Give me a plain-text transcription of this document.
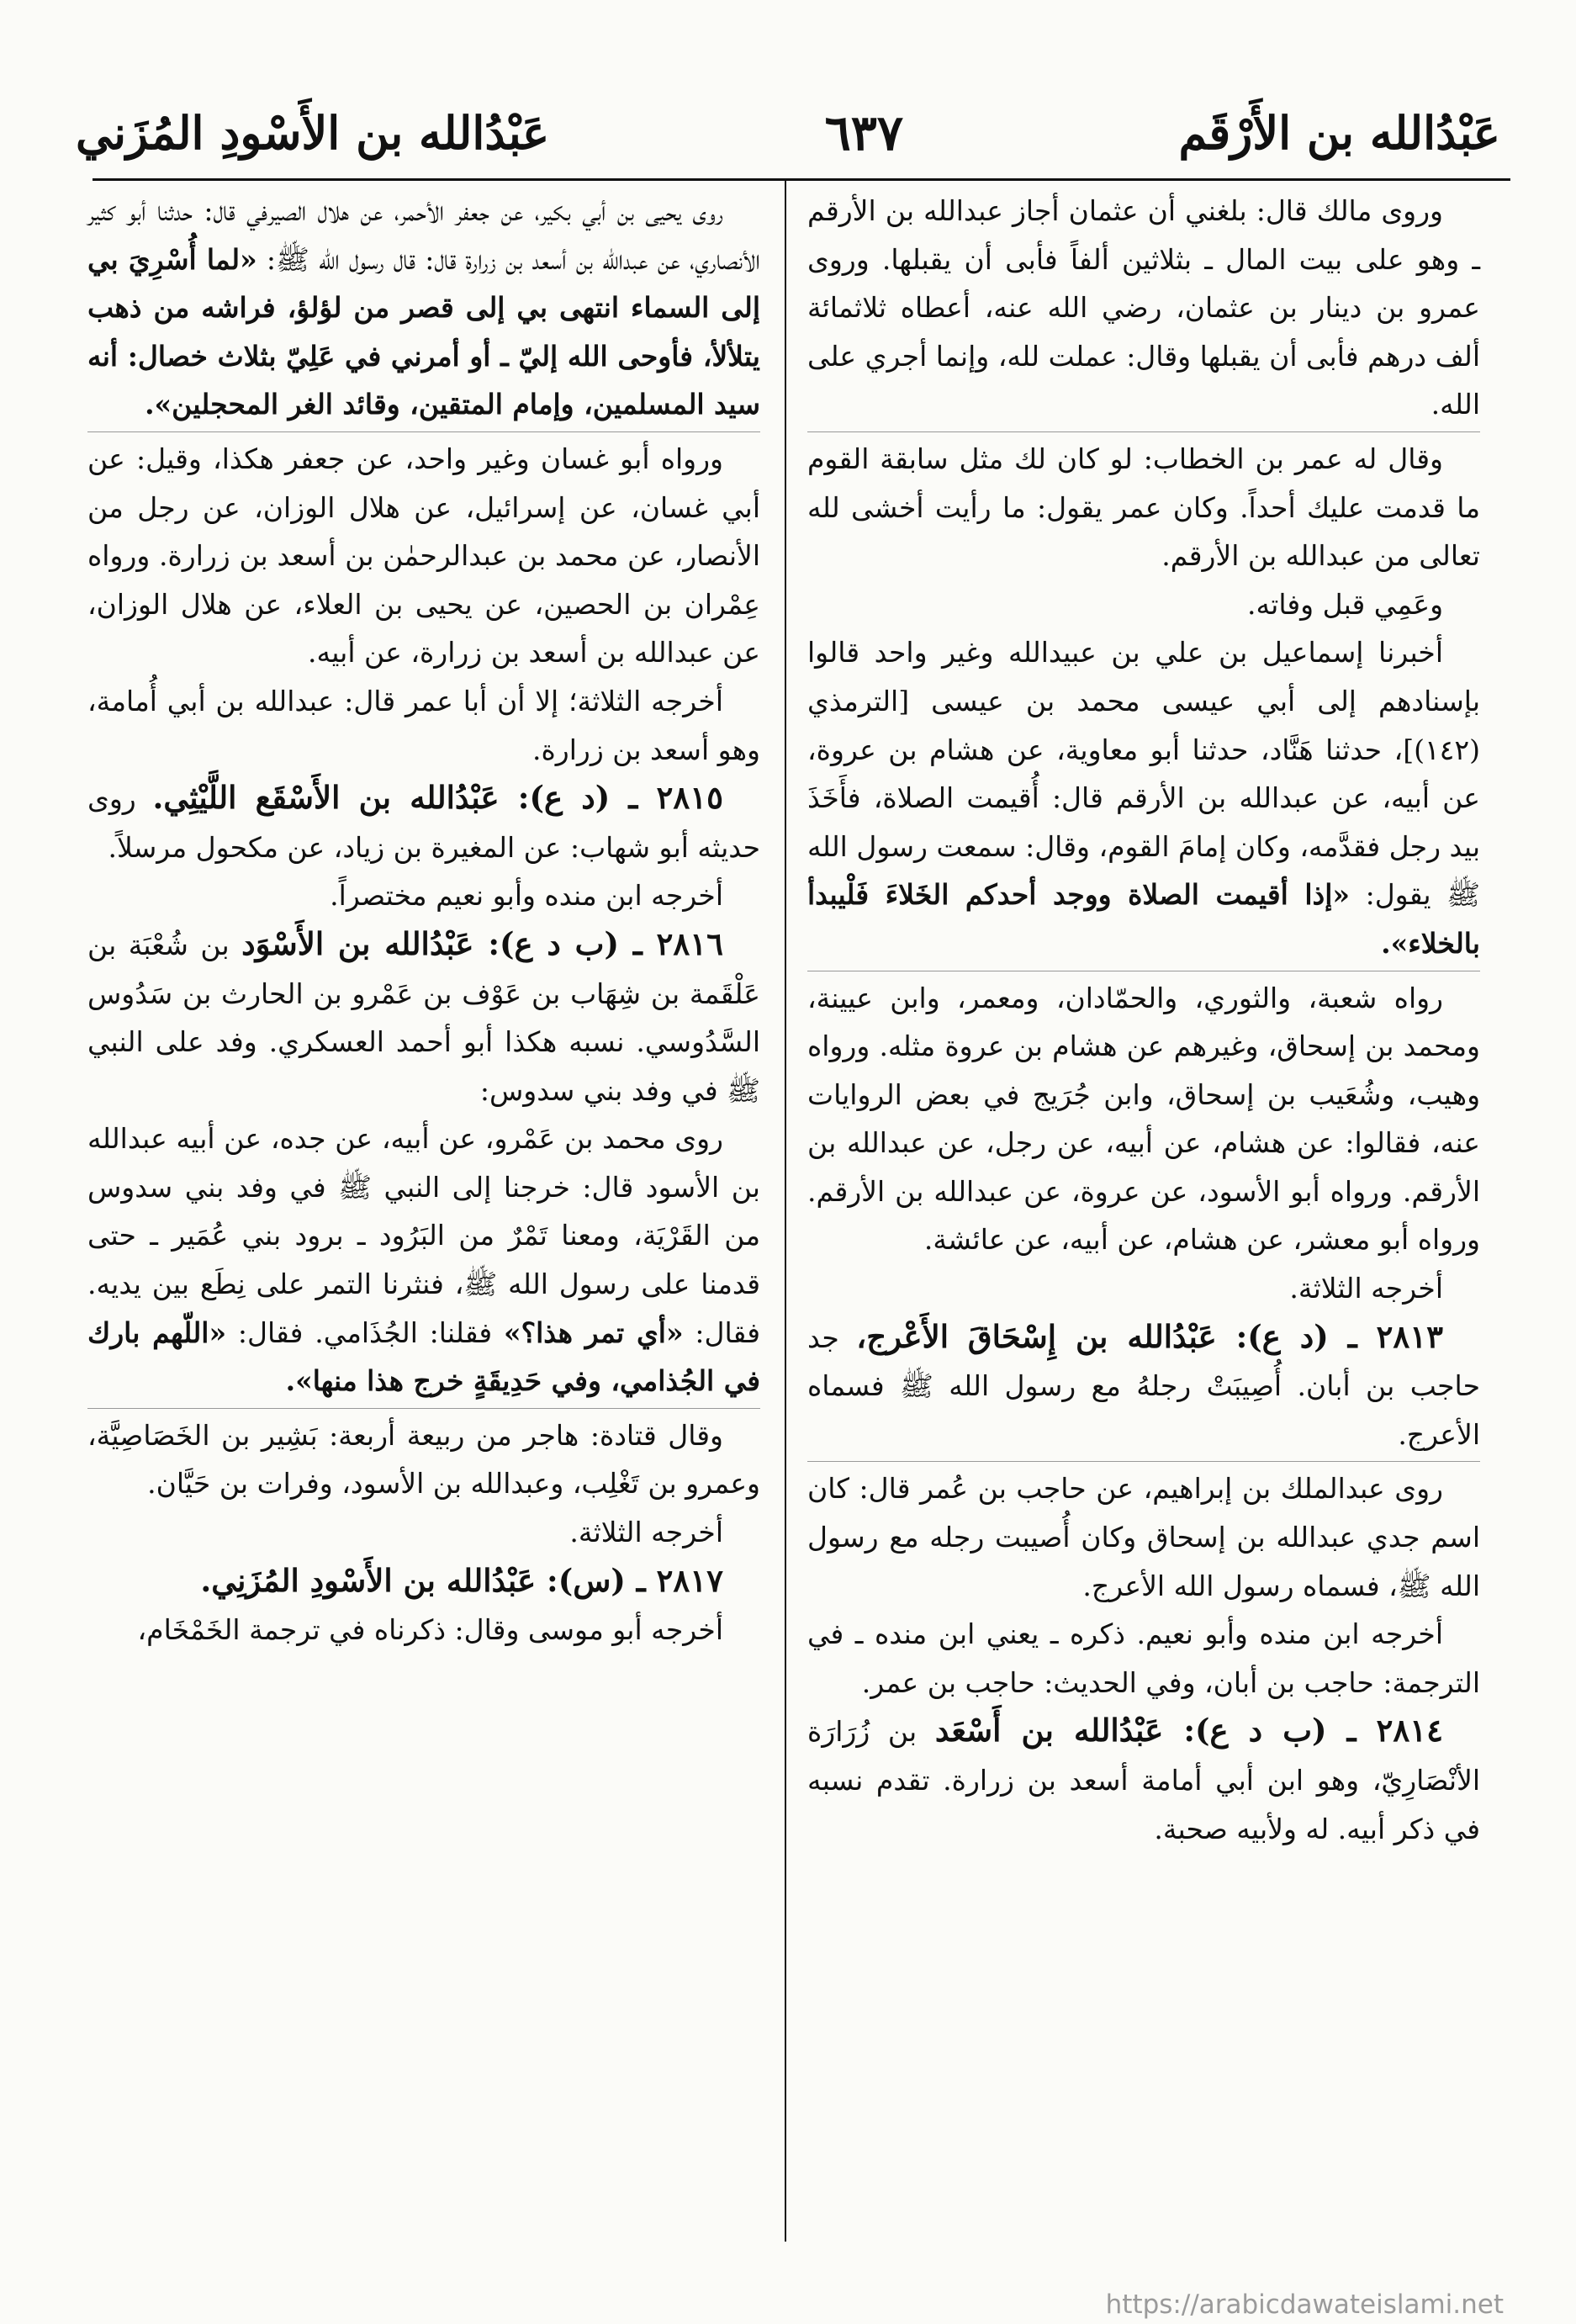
عَبْدُالله بن الأَرْقَم
٦٣٧
عَبْدُالله بن الأَسْودِ المُزَني

وروى مالك قال: بلغني أن عثمان أجاز عبدالله بن الأرقم ـ وهو على بيت المال ـ بثلاثين ألفاً فأبى أن يقبلها. وروى عمرو بن دينار بن عثمان، رضي الله عنه، أعطاه ثلاثمائة ألف درهم فأبى أن يقبلها وقال: عملت لله، وإنما أجري على الله.

وقال له عمر بن الخطاب: لو كان لك مثل سابقة القوم ما قدمت عليك أحداً. وكان عمر يقول: ما رأيت أخشى لله تعالى من عبدالله بن الأرقم.

وعَمِي قبل وفاته.

أخبرنا إسماعيل بن علي بن عبيدالله وغير واحد قالوا بإسنادهم إلى أبي عيسى محمد بن عيسى [الترمذي (١٤٢)]، حدثنا هَنَّاد، حدثنا أبو معاوية، عن هشام بن عروة، عن أبيه، عن عبدالله بن الأرقم قال: أُقيمت الصلاة، فأَخَذَ بيد رجل فقدَّمه، وكان إمامَ القوم، وقال: سمعت رسول الله ﷺ يقول: «إذا أقيمت الصلاة ووجد أحدكم الخَلاءَ فَلْيبدأ بالخلاء».

رواه شعبة، والثوري، والحمّادان، ومعمر، وابن عيينة، ومحمد بن إسحاق، وغيرهم عن هشام بن عروة مثله. ورواه وهيب، وشُعَيب بن إسحاق، وابن جُرَيج في بعض الروايات عنه، فقالوا: عن هشام، عن أبيه، عن رجل، عن عبدالله بن الأرقم. ورواه أبو الأسود، عن عروة، عن عبدالله بن الأرقم. ورواه أبو معشر، عن هشام، عن أبيه، عن عائشة.

أخرجه الثلاثة.

٢٨١٣ ـ (د ع): عَبْدُالله بن إِسْحَاقَ الأَعْرج، جد حاجب بن أبان. أُصِيبَتْ رجلهُ مع رسول الله ﷺ فسماه الأعرج.

روى عبدالملك بن إبراهيم، عن حاجب بن عُمر قال: كان اسم جدي عبدالله بن إسحاق وكان أُصيبت رجله مع رسول الله ﷺ، فسماه رسول الله الأعرج.

أخرجه ابن منده وأبو نعيم. ذكره ـ يعني ابن منده ـ في الترجمة: حاجب بن أبان، وفي الحديث: حاجب بن عمر.

٢٨١٤ ـ (ب د ع): عَبْدُالله بن أَسْعَد بن زُرَارَة الأنْصَارِيّ، وهو ابن أبي أمامة أسعد بن زرارة. تقدم نسبه في ذكر أبيه. له ولأبيه صحبة.

روى يحيى بن أبي بكير، عن جعفر الأحمر، عن هلال الصيرفي قال: حدثنا أبو كثير الأنصاري، عن عبدالله بن أسعد بن زرارة قال: قال رسول الله ﷺ: «لما أُسْرِيَ بي إلى السماء انتهى بي إلى قصر من لؤلؤ، فراشه من ذهب يتلألأ، فأوحى الله إليّ ـ أو أمرني في عَلِيّ بثلاث خصال: أنه سيد المسلمين، وإمام المتقين، وقائد الغر المحجلين».

ورواه أبو غسان وغير واحد، عن جعفر هكذا، وقيل: عن أبي غسان، عن إسرائيل، عن هلال الوزان، عن رجل من الأنصار، عن محمد بن عبدالرحمٰن بن أسعد بن زرارة. ورواه عِمْران بن الحصين، عن يحيى بن العلاء، عن هلال الوزان، عن عبدالله بن أسعد بن زرارة، عن أبيه.

أخرجه الثلاثة؛ إلا أن أبا عمر قال: عبدالله بن أبي أُمامة، وهو أسعد بن زرارة.

٢٨١٥ ـ (د ع): عَبْدُالله بن الأَسْقَع اللَّيْثِي. روى حديثه أبو شهاب: عن المغيرة بن زياد، عن مكحول مرسلاً.

أخرجه ابن منده وأبو نعيم مختصراً.

٢٨١٦ ـ (ب د ع): عَبْدُالله بن الأَسْوَد بن شُعْبَة بن عَلْقَمة بن شِهَاب بن عَوْف بن عَمْرو بن الحارث بن سَدُوس السَّدُوسي. نسبه هكذا أبو أحمد العسكري. وفد على النبي ﷺ في وفد بني سدوس:

روى محمد بن عَمْرو، عن أبيه، عن جده، عن أبيه عبدالله بن الأسود قال: خرجنا إلى النبي ﷺ في وفد بني سدوس من القَرْيَة، ومعنا تَمْرٌ من البَرُود ـ برود بني عُمَير ـ حتى قدمنا على رسول الله ﷺ، فنثرنا التمر على نِطَع بين يديه. فقال: «أي تمر هذا؟» فقلنا: الجُذَامي. فقال: «اللّهم بارك في الجُذامي، وفي حَدِيقَةٍ خرج هذا منها».

وقال قتادة: هاجر من ربيعة أربعة: بَشِير بن الخَصَاصِيَّة، وعمرو بن تَغْلِب، وعبدالله بن الأسود، وفرات بن حَيَّان.

أخرجه الثلاثة.

٢٨١٧ ـ (س): عَبْدُالله بن الأَسْودِ المُزَنِي.

أخرجه أبو موسى وقال: ذكرناه في ترجمة الخَمْخَام،

https://arabicdawateislami.net
